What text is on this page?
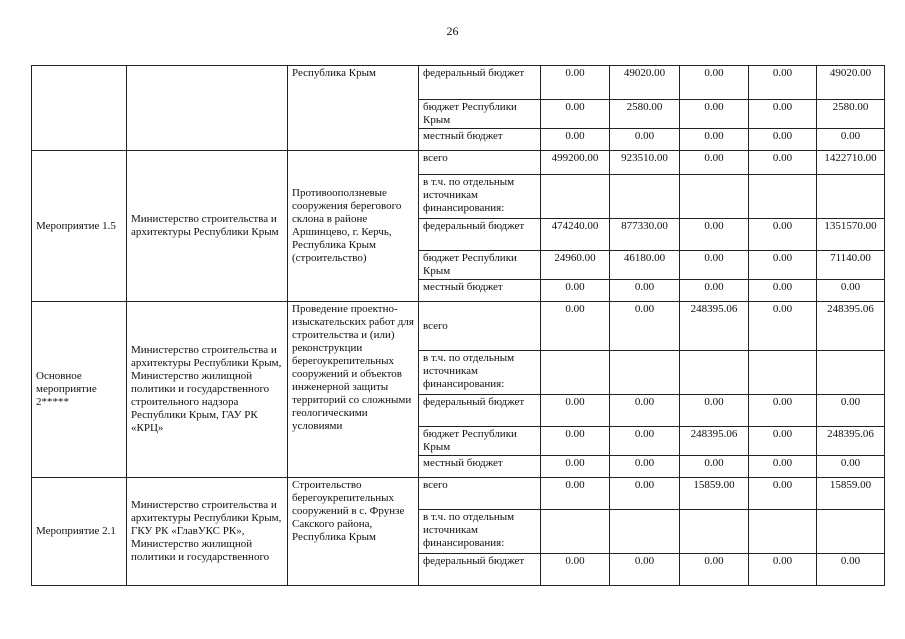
26
		Республика Крым	федеральный бюджет	0.00	49020.00	0.00	0.00	49020.00
			бюджет Республики Крым	0.00	2580.00	0.00	0.00	2580.00
			местный бюджет	0.00	0.00	0.00	0.00	0.00
Мероприятие 1.5	Министерство строительства и архитектуры Республики Крым	Противооползневые сооружения берегового склона в районе Аршинцево, г. Керчь, Республика Крым (строительство)	всего	499200.00	923510.00	0.00	0.00	1422710.00
			в т.ч. по отдельным источникам финансирования:					
			федеральный бюджет	474240.00	877330.00	0.00	0.00	1351570.00
			бюджет Республики Крым	24960.00	46180.00	0.00	0.00	71140.00
			местный бюджет	0.00	0.00	0.00	0.00	0.00
Основное мероприятие 2*****	Министерство строительства и архитектуры Республики Крым, Министерство жилищной политики и государственного строительного надзора Республики Крым, ГАУ РК «КРЦ»	Проведение проектно-изыскательских работ для строительства и (или) реконструкции берегоукрепительных сооружений и объектов инженерной защиты территорий со сложными геологическими условиями	всего	0.00	0.00	248395.06	0.00	248395.06
			в т.ч. по отдельным источникам финансирования:					
			федеральный бюджет	0.00	0.00	0.00	0.00	0.00
			бюджет Республики Крым	0.00	0.00	248395.06	0.00	248395.06
			местный бюджет	0.00	0.00	0.00	0.00	0.00
Мероприятие 2.1	Министерство строительства и архитектуры Республики Крым, ГКУ РК «ГлавУКС РК», Министерство жилищной политики и государственного	Строительство берегоукрепительных сооружений в с. Фрунзе Сакского района, Республика Крым	всего	0.00	0.00	15859.00	0.00	15859.00
			в т.ч. по отдельным источникам финансирования:					
			федеральный бюджет	0.00	0.00	0.00	0.00	0.00
